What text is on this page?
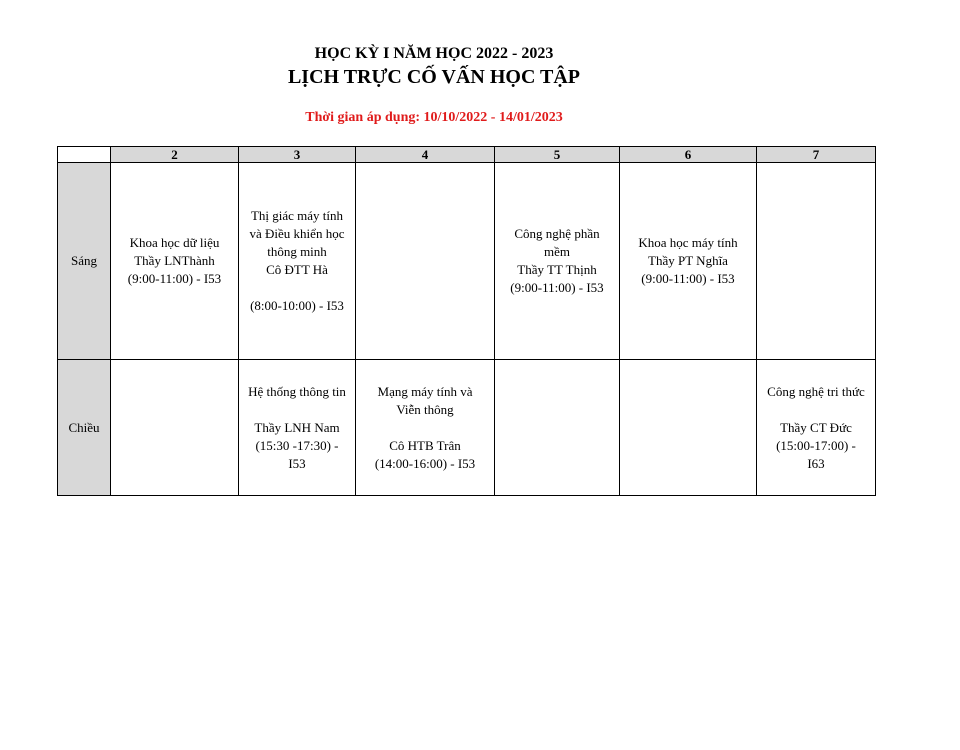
HỌC KỲ I NĂM HỌC 2022 - 2023
LỊCH TRỰC CỐ VẤN HỌC TẬP
Thời gian áp dụng: 10/10/2022 - 14/01/2023
	2	3	4	5	6	7
Sáng	Khoa học dữ liệu
Thầy LNThành
(9:00-11:00) - I53	Thị giác máy tính
và Điều khiển học
thông minh
Cô ĐTT Hà
(8:00-10:00) - I53		Công nghệ phần
mềm
Thầy TT Thịnh
(9:00-11:00) - I53	Khoa học máy tính
Thầy PT Nghĩa
(9:00-11:00) - I53	

Chiều		Hệ thống thông tin
Thầy LNH Nam
(15:30 -17:30) -
I53	Mạng máy tính và
Viễn thông
Cô HTB Trân
(14:00-16:00) - I53			Công nghệ tri thức
Thầy CT Đức
(15:00-17:00) -
I63
